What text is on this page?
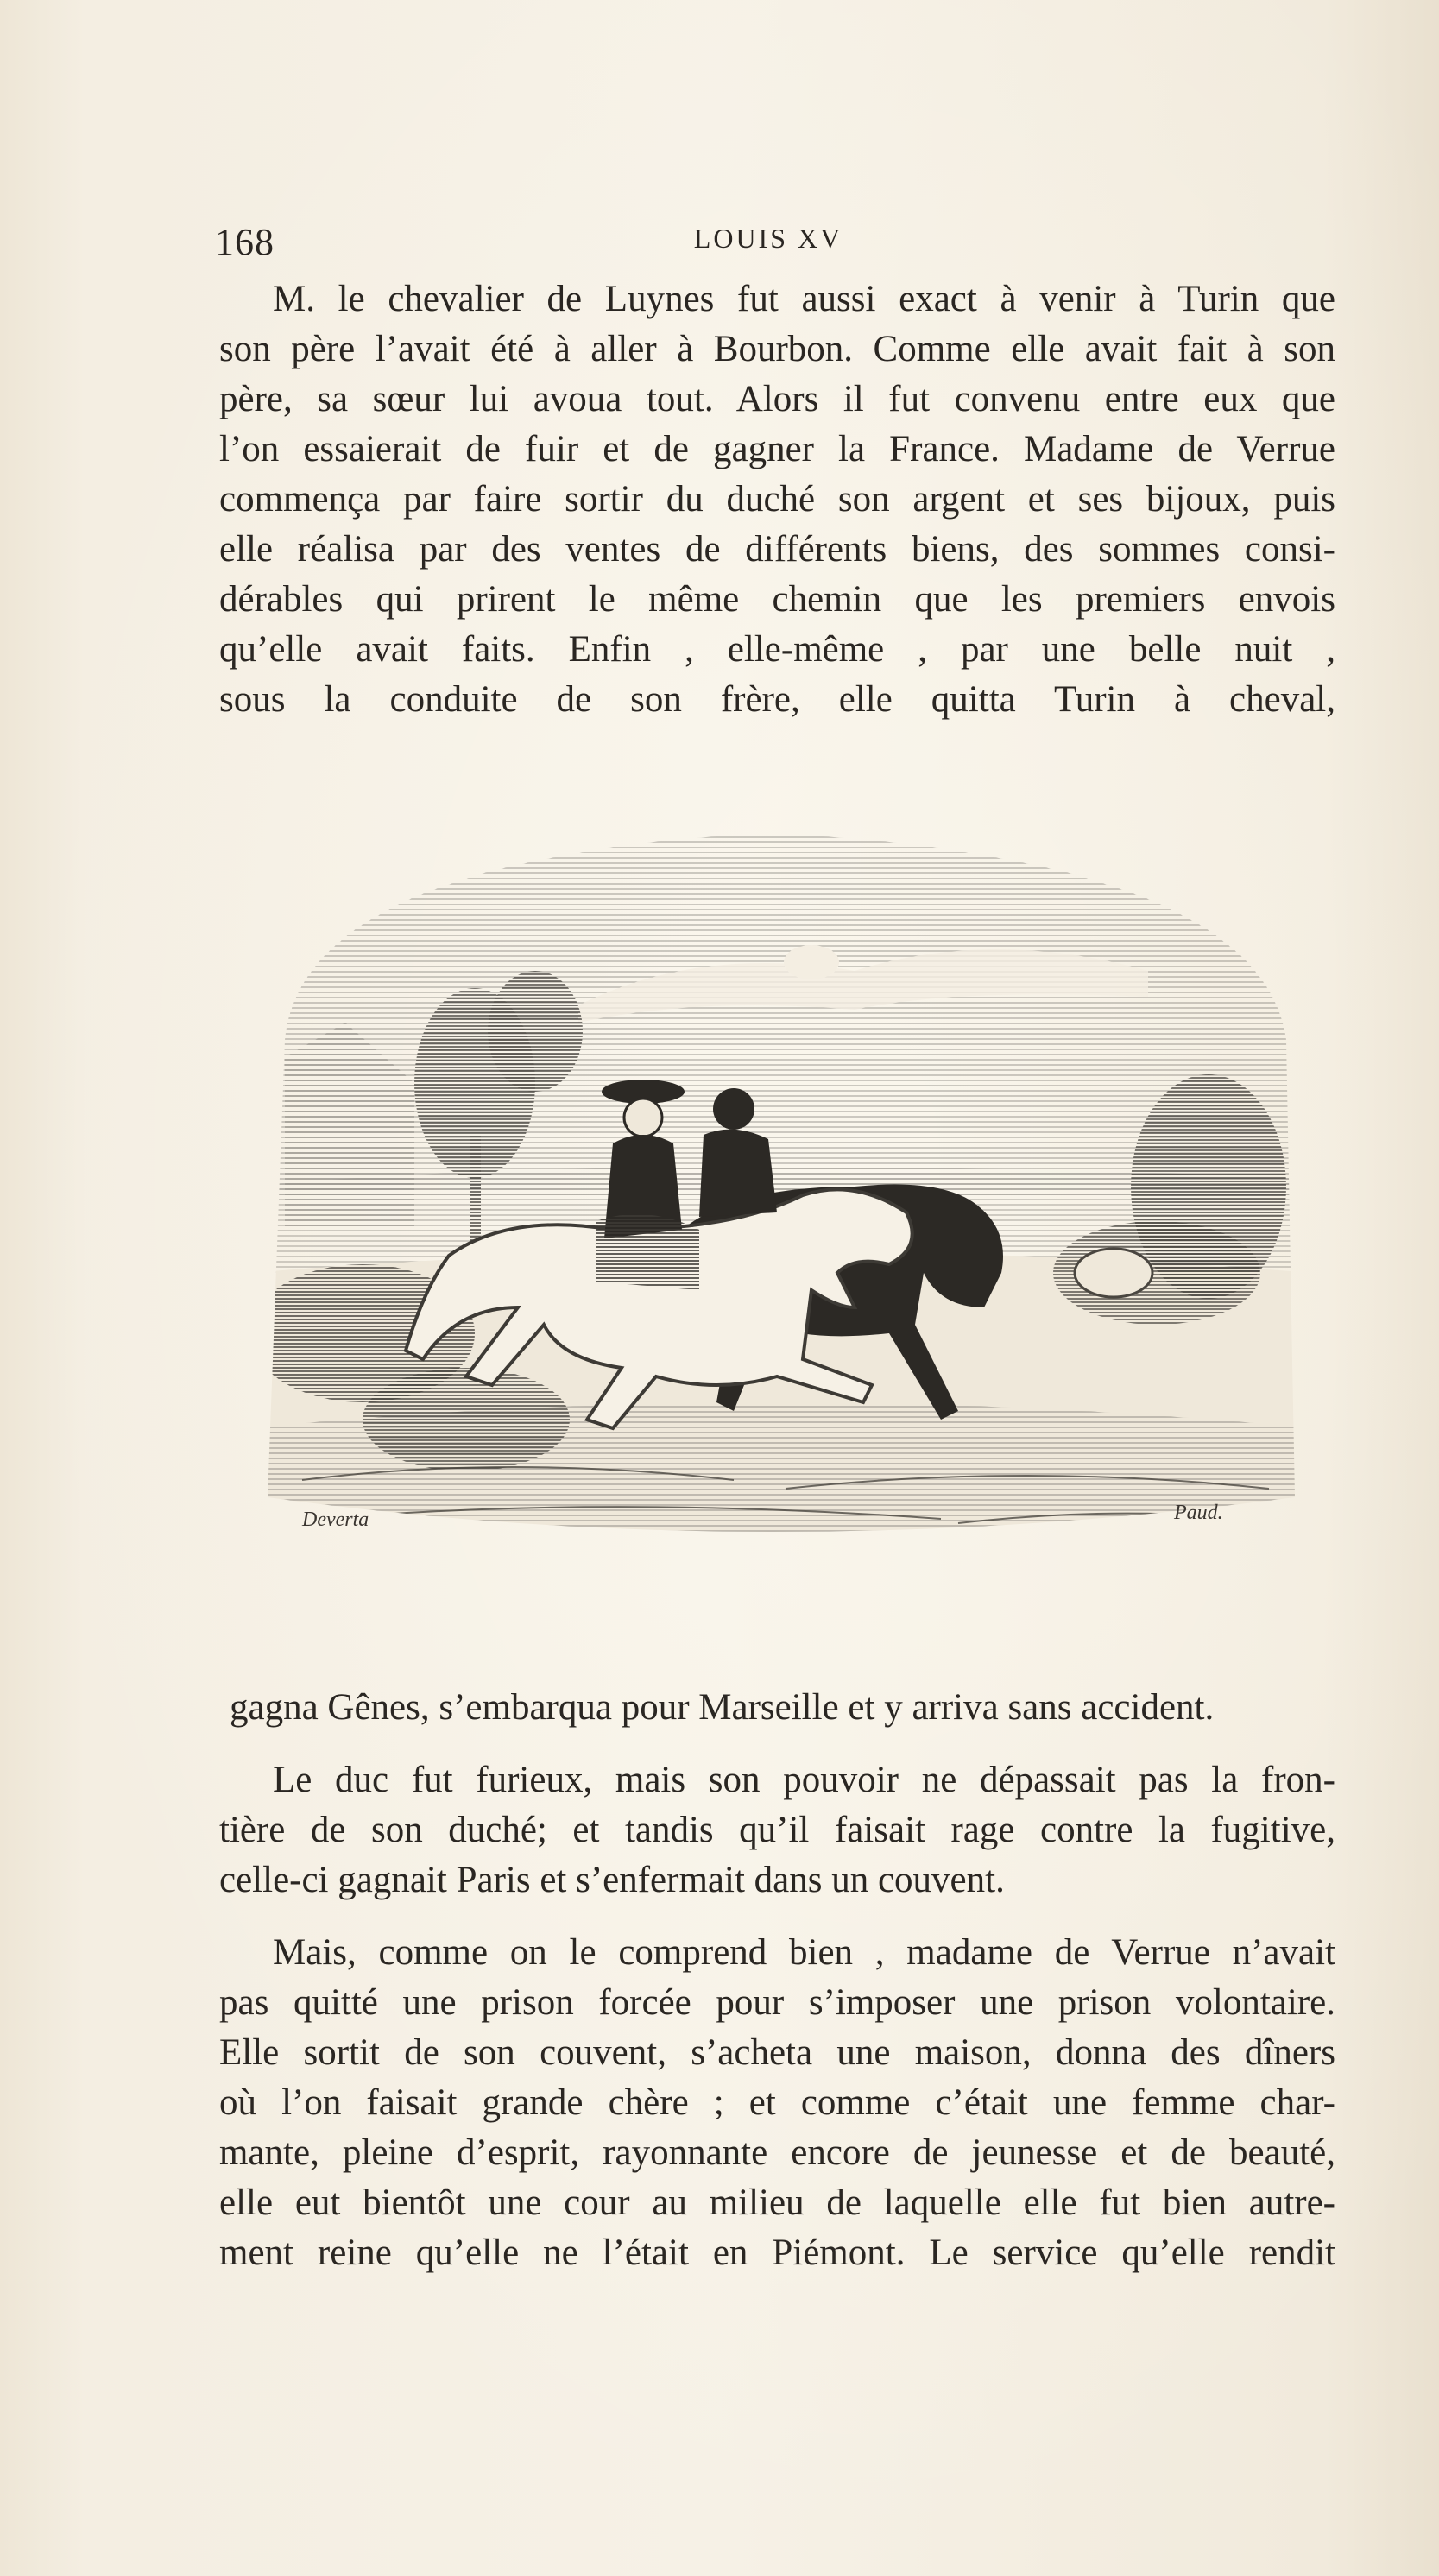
168	LOUIS XV
M. le chevalier de Luynes fut aussi exact à venir à Turin que
son père l’avait été à aller à Bourbon. Comme elle avait fait à son
père, sa sœur lui avoua tout. Alors il fut convenu entre eux que
l’on essaierait de fuir et de gagner la France. Madame de Verrue
commença par faire sortir du duché son argent et ses bijoux, puis
elle réalisa par des ventes de différents biens, des sommes consi-
dérables qui prirent le même chemin que les premiers envois
qu’elle avait faits. Enfin , elle-même , par une belle nuit ,
sous la conduite de son frère, elle quitta Turin à cheval,
Deverta	Paud.
gagna Gênes, s’embarqua pour Marseille et y arriva sans accident.
Le duc fut furieux, mais son pouvoir ne dépassait pas la fron-
tière de son duché; et tandis qu’il faisait rage contre la fugitive,
celle-ci gagnait Paris et s’enfermait dans un couvent.
Mais, comme on le comprend bien , madame de Verrue n’avait
pas quitté une prison forcée pour s’imposer une prison volontaire.
Elle sortit de son couvent, s’acheta une maison, donna des dîners
où l’on faisait grande chère ; et comme c’était une femme char-
mante, pleine d’esprit, rayonnante encore de jeunesse et de beauté,
elle eut bientôt une cour au milieu de laquelle elle fut bien autre-
ment reine qu’elle ne l’était en Piémont. Le service qu’elle rendit
